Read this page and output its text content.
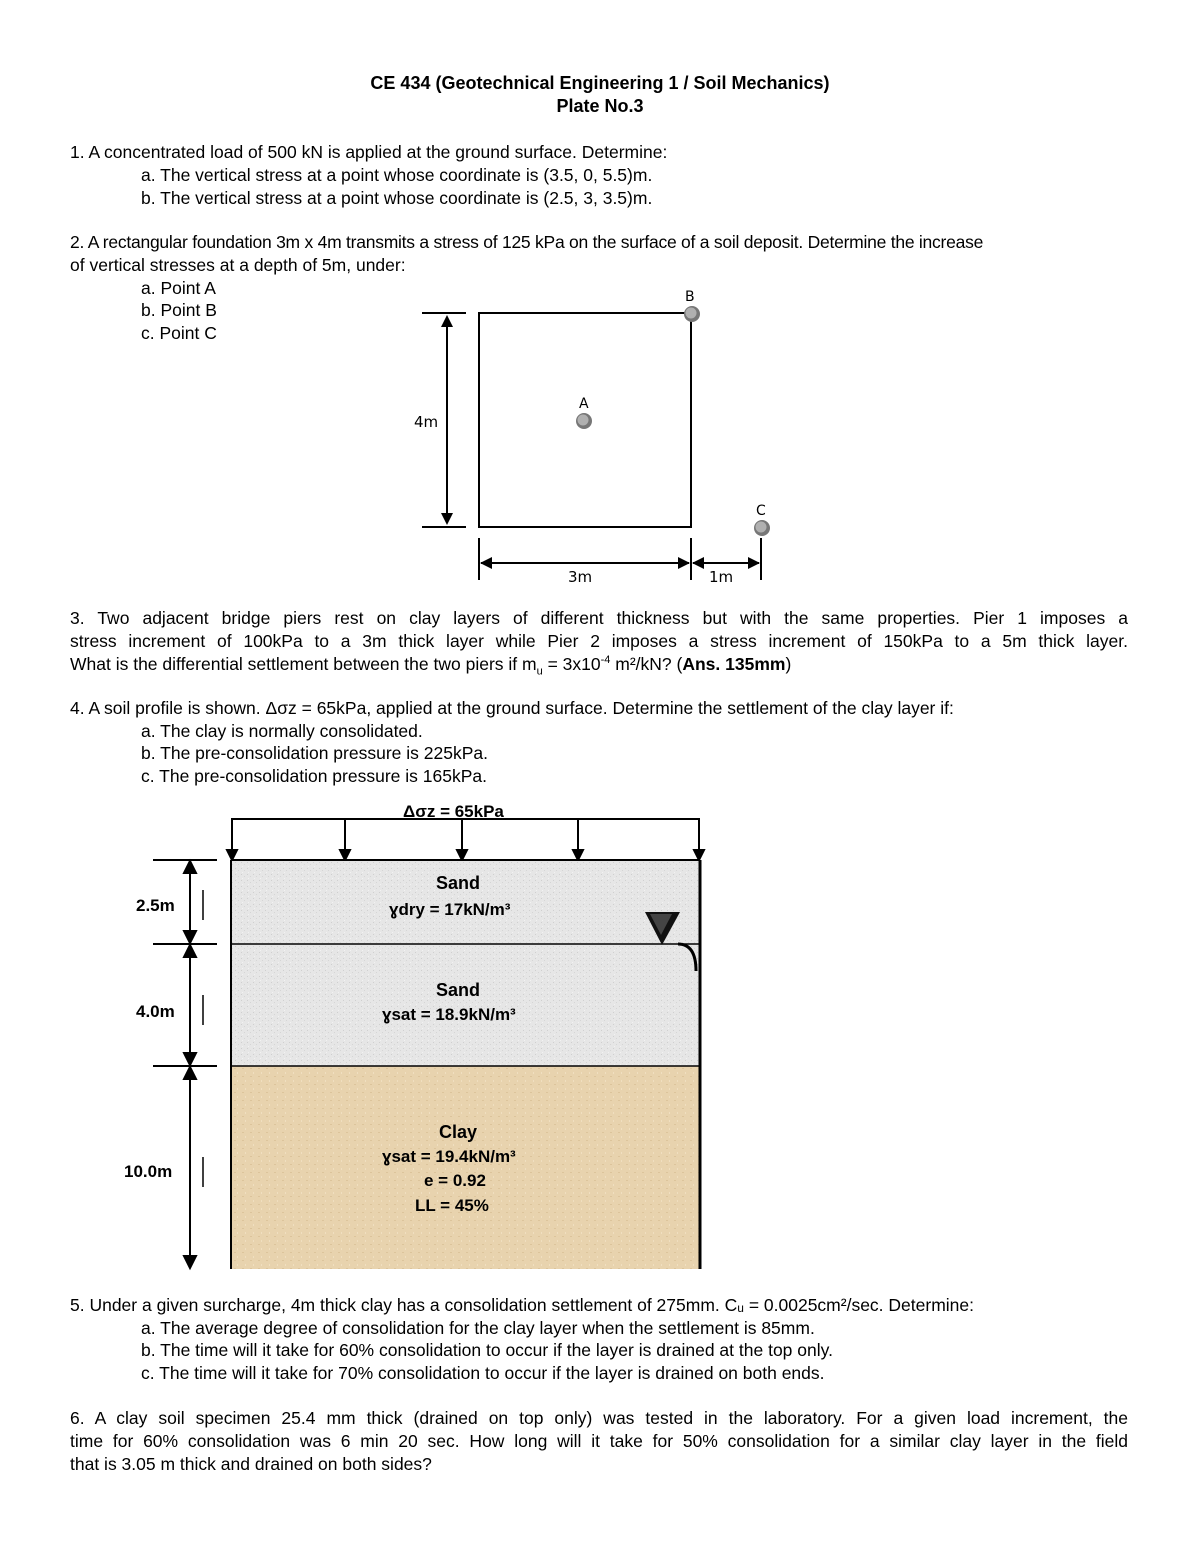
CE 434 (Geotechnical Engineering 1 / Soil Mechanics)
Plate No.3
1. A concentrated load of 500 kN is applied at the ground surface. Determine:
a. The vertical stress at a point whose coordinate is (3.5, 0, 5.5)m.
b. The vertical stress at a point whose coordinate is (2.5, 3, 3.5)m.
2. A rectangular foundation 3m x 4m transmits a stress of 125 kPa on the surface of a soil deposit. Determine the increase
of vertical stresses at a depth of 5m, under:
a. Point A
b. Point B
c. Point C
4m
3m	1m
A
B
C
3. Two adjacent bridge piers rest on clay layers of different thickness but with the same properties. Pier 1 imposes a
stress increment of 100kPa to a 3m thick layer while Pier 2 imposes a stress increment of 150kPa to a 5m thick layer.
What is the differential settlement between the two piers if $m_u = 3x10^{-4}$ m²/kN? (Ans. 135mm)
4. A soil profile is shown. Δσz = 65kPa, applied at the ground surface. Determine the settlement of the clay layer if:
a. The clay is normally consolidated.
b. The pre-consolidation pressure is 225kPa.
c. The pre-consolidation pressure is 165kPa.
Δσz = 65kPa
Sand
ɣdry = 17kN/m³
Sand
ɣsat = 18.9kN/m³
Clay
ɣsat = 19.4kN/m³
e = 0.92
LL = 45%
2.5m
4.0m
10.0m
5. Under a given surcharge, 4m thick clay has a consolidation settlement of 275mm. Cᵤ = 0.0025cm²/sec. Determine:
a. The average degree of consolidation for the clay layer when the settlement is 85mm.
b. The time will it take for 60% consolidation to occur if the layer is drained at the top only.
c. The time will it take for 70% consolidation to occur if the layer is drained on both ends.
6. A clay soil specimen 25.4 mm thick (drained on top only) was tested in the laboratory. For a given load increment, the
time for 60% consolidation was 6 min 20 sec. How long will it take for 50% consolidation for a similar clay layer in the field
that is 3.05 m thick and drained on both sides?
